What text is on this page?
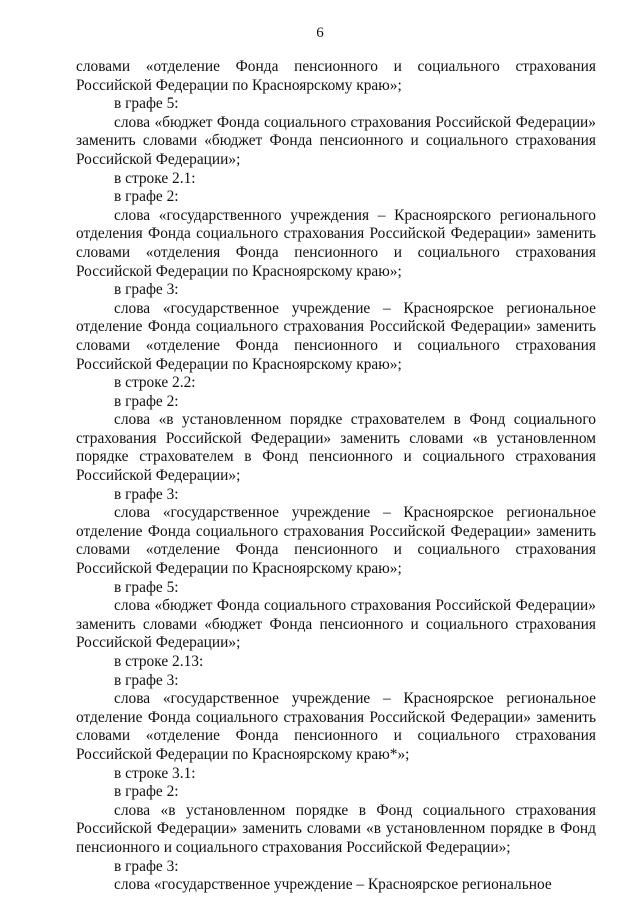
6

словами «отделение Фонда пенсионного и социального страхования Российской Федерации по Красноярскому краю»;

в графе 5:

слова «бюджет Фонда социального страхования Российской Федерации» заменить словами «бюджет Фонда пенсионного и социального страхования Российской Федерации»;

в строке 2.1:

в графе 2:

слова «государственного учреждения – Красноярского регионального отделения Фонда социального страхования Российской Федерации» заменить словами «отделения Фонда пенсионного и социального страхования Российской Федерации по Красноярскому краю»;

в графе 3:

слова «государственное учреждение – Красноярское региональное отделение Фонда социального страхования Российской Федерации» заменить словами «отделение Фонда пенсионного и социального страхования Российской Федерации по Красноярскому краю»;

в строке 2.2:

в графе 2:

слова «в установленном порядке страхователем в Фонд социального страхования Российской Федерации» заменить словами «в установленном порядке страхователем в Фонд пенсионного и социального страхования Российской Федерации»;

в графе 3:

слова «государственное учреждение – Красноярское региональное отделение Фонда социального страхования Российской Федерации» заменить словами «отделение Фонда пенсионного и социального страхования Российской Федерации по Красноярскому краю»;

в графе 5:

слова «бюджет Фонда социального страхования Российской Федерации» заменить словами «бюджет Фонда пенсионного и социального страхования Российской Федерации»;

в строке 2.13:

в графе 3:

слова «государственное учреждение – Красноярское региональное отделение Фонда социального страхования Российской Федерации» заменить словами «отделение Фонда пенсионного и социального страхования Российской Федерации по Красноярскому краю*»;

в строке 3.1:

в графе 2:

слова «в установленном порядке в Фонд социального страхования Российской Федерации» заменить словами «в установленном порядке в Фонд пенсионного и социального страхования Российской Федерации»;

в графе 3:

слова «государственное учреждение – Красноярское региональное
